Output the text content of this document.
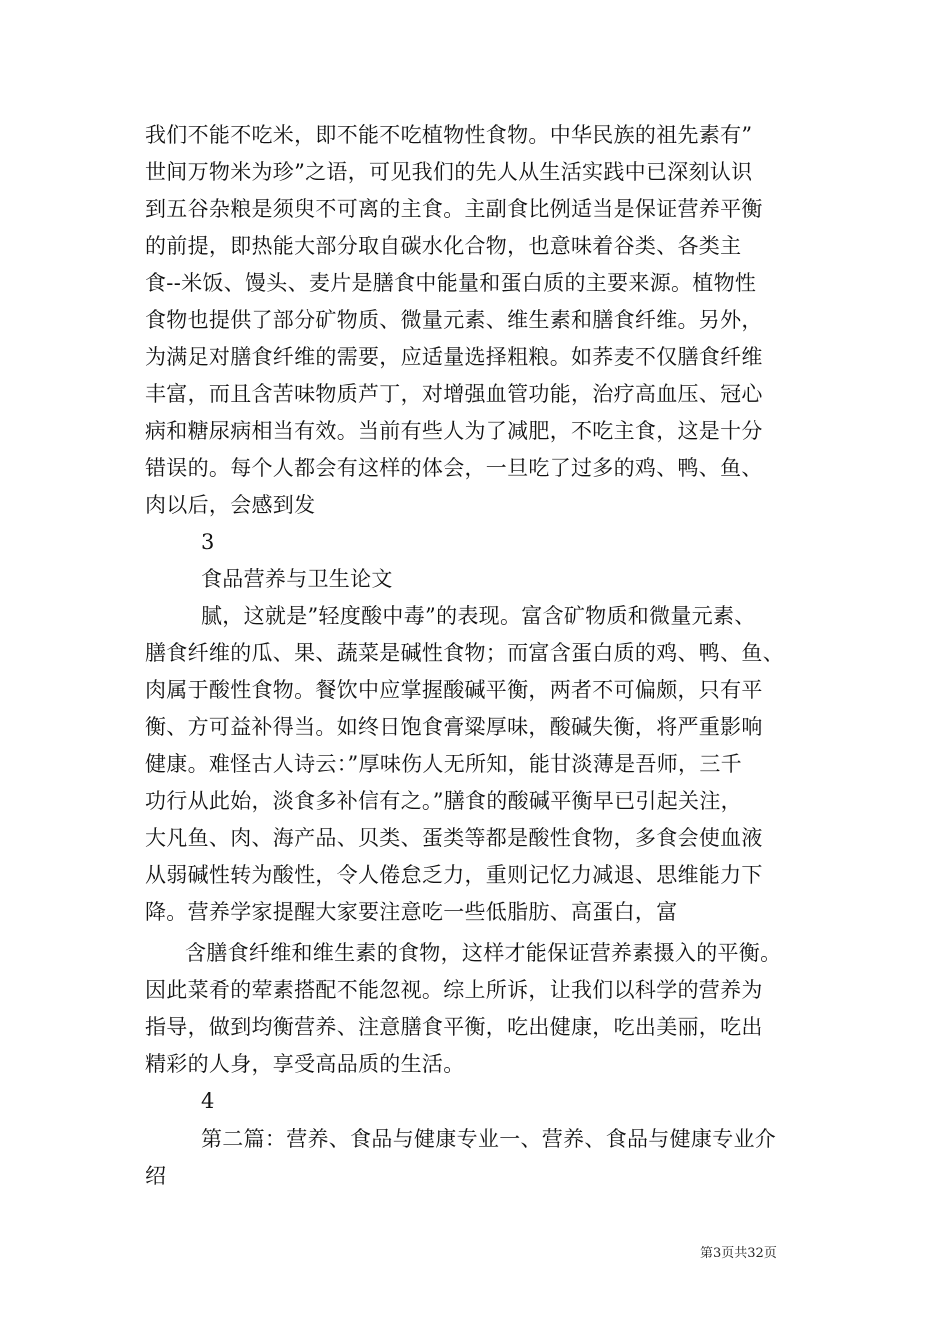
我们不能不吃米，即不能不吃植物性食物。中华民族的祖先素有”
世间万物米为珍”之语，可见我们的先人从生活实践中已深刻认识
到五谷杂粮是须臾不可离的主食。主副食比例适当是保证营养平衡
的前提，即热能大部分取自碳水化合物，也意味着谷类、各类主
食--米饭、馒头、麦片是膳食中能量和蛋白质的主要来源。植物性
食物也提供了部分矿物质、微量元素、维生素和膳食纤维。另外，
为满足对膳食纤维的需要，应适量选择粗粮。如荞麦不仅膳食纤维
丰富，而且含苦味物质芦丁，对增强血管功能，治疗高血压、冠心
病和糖尿病相当有效。当前有些人为了减肥，不吃主食，这是十分
错误的。每个人都会有这样的体会，一旦吃了过多的鸡、鸭、鱼、
肉以后，会感到发
3
食品营养与卫生论文
腻，这就是”轻度酸中毒”的表现。富含矿物质和微量元素、
膳食纤维的瓜、果、蔬菜是碱性食物；而富含蛋白质的鸡、鸭、鱼、
肉属于酸性食物。餐饮中应掌握酸碱平衡，两者不可偏颇，只有平
衡、方可益补得当。如终日饱食膏粱厚味，酸碱失衡，将严重影响
健康。难怪古人诗云：”厚味伤人无所知，能甘淡薄是吾师，三千
功行从此始，淡食多补信有之。”膳食的酸碱平衡早已引起关注，
大凡鱼、肉、海产品、贝类、蛋类等都是酸性食物，多食会使血液
从弱碱性转为酸性，令人倦怠乏力，重则记忆力减退、思维能力下
降。营养学家提醒大家要注意吃一些低脂肪、高蛋白，富
含膳食纤维和维生素的食物，这样才能保证营养素摄入的平衡。
因此菜肴的荤素搭配不能忽视。综上所诉，让我们以科学的营养为
指导，做到均衡营养、注意膳食平衡，吃出健康，吃出美丽，吃出
精彩的人身，享受高品质的生活。
4
第二篇：营养、食品与健康专业一、营养、食品与健康专业介
绍
第3页共32页
